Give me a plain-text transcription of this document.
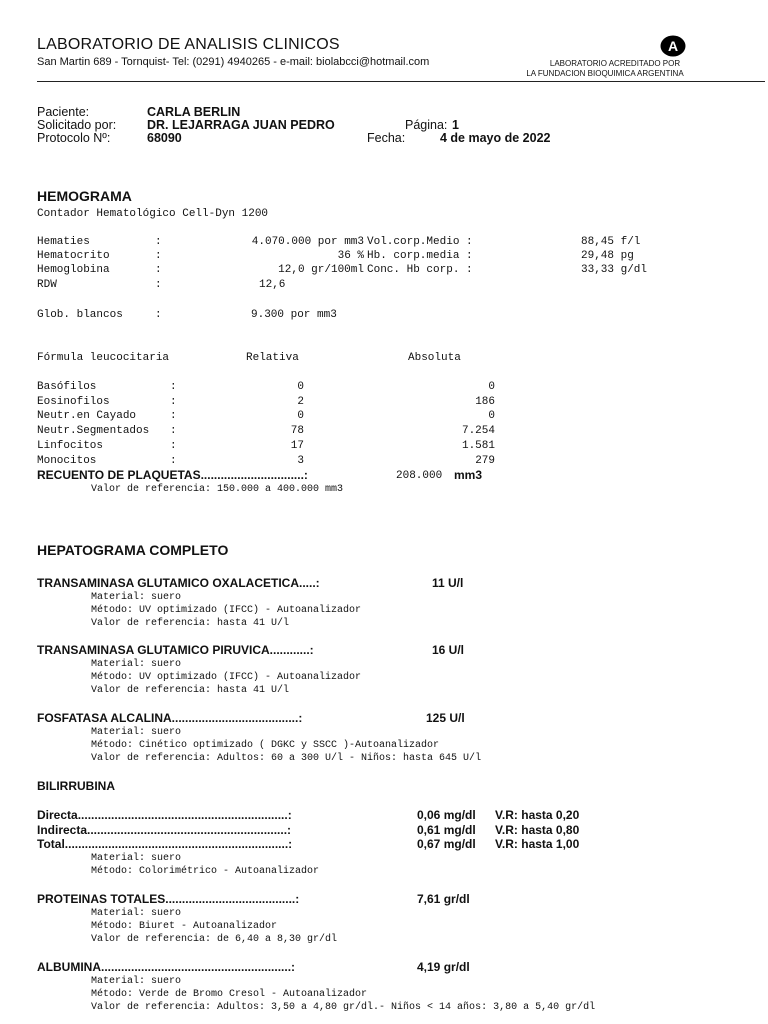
LABORATORIO DE ANALISIS CLINICOS
San Martin 689 - Tornquist- Tel: (0291) 4940265 - e-mail: biolabcci@hotmail.com
A
LABORATORIO ACREDITADO POR
LA FUNDACION BIOQUIMICA ARGENTINA
Paciente:	CARLA BERLIN
Solicitado por: DR. LEJARRAGA JUAN PEDRO	Página: 1
Protocolo Nº:	68090	Fecha:	4 de mayo de 2022
HEMOGRAMA
Contador Hematológico Cell-Dyn 1200
Hematies	:	4.070.000 por mm3 Vol.corp.Medio :	88,45 f/l
Hematocrito	:	36 % Hb. corp.media :	29,48 pg
Hemoglobina	:	12,0 gr/100ml Conc. Hb corp. :	33,33 g/dl
RDW	:	12,6
Glob. blancos	:	9.300 por mm3
Fórmula leucocitaria	Relativa	Absoluta
Basófilos	:	0	0
Eosinofilos	:	2	186
Neutr.en Cayado	:	0	0
Neutr.Segmentados :	78	7.254
Linfocitos	:	17	1.581
Monocitos	:	3	279
RECUENTO DE PLAQUETAS...............................:	208.000 mm3
Valor de referencia: 150.000 a 400.000 mm3
HEPATOGRAMA COMPLETO
TRANSAMINASA GLUTAMICO OXALACETICA.....:	11 U/l
Material: suero
Método: UV optimizado (IFCC) - Autoanalizador
Valor de referencia: hasta 41 U/l
TRANSAMINASA GLUTAMICO PIRUVICA............:	16 U/l
Material: suero
Método: UV optimizado (IFCC) - Autoanalizador
Valor de referencia: hasta 41 U/l
FOSFATASA ALCALINA......................................:	125 U/l
Material: suero
Método: Cinético optimizado ( DGKC y SSCC )-Autoanalizador
Valor de referencia: Adultos: 60 a 300 U/l - Niños: hasta 645 U/l
BILIRRUBINA
Directa...............................................................:	0,06 mg/dl V.R: hasta 0,20
Indirecta............................................................:	0,61 mg/dl V.R: hasta 0,80
Total...................................................................:	0,67 mg/dl V.R: hasta 1,00
Material: suero
Método: Colorimétrico - Autoanalizador
PROTEINAS TOTALES.......................................:	7,61 gr/dl
Material: suero
Método: Biuret - Autoanalizador
Valor de referencia: de 6,40 a 8,30 gr/dl
ALBUMINA.........................................................:	4,19 gr/dl
Material: suero
Método: Verde de Bromo Cresol - Autoanalizador
Valor de referencia: Adultos: 3,50 a 4,80 gr/dl.- Niños < 14 años: 3,80 a 5,40 gr/dl
